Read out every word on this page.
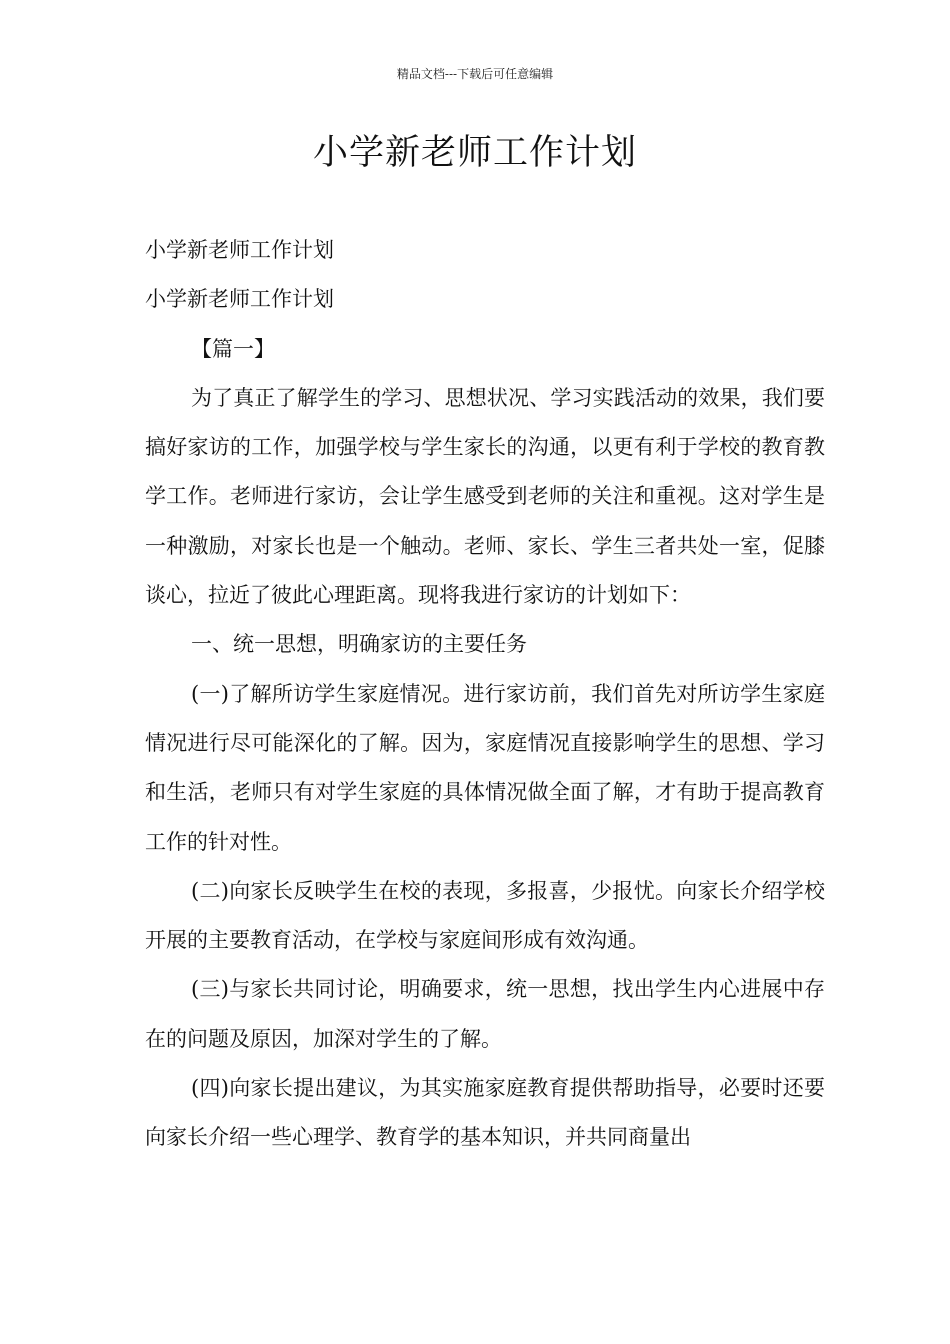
精品文档---下载后可任意编辑
小学新老师工作计划

小学新老师工作计划

小学新老师工作计划

【篇一】

为了真正了解学生的学习、思想状况、学习实践活动的效果，我们要搞好家访的工作，加强学校与学生家长的沟通，以更有利于学校的教育教学工作。老师进行家访，会让学生感受到老师的关注和重视。这对学生是一种激励，对家长也是一个触动。老师、家长、学生三者共处一室，促膝谈心，拉近了彼此心理距离。现将我进行家访的计划如下：

一、统一思想，明确家访的主要任务

(一)了解所访学生家庭情况。进行家访前，我们首先对所访学生家庭情况进行尽可能深化的了解。因为，家庭情况直接影响学生的思想、学习和生活，老师只有对学生家庭的具体情况做全面了解，才有助于提高教育工作的针对性。

(二)向家长反映学生在校的表现，多报喜，少报忧。向家长介绍学校开展的主要教育活动，在学校与家庭间形成有效沟通。

(三)与家长共同讨论，明确要求，统一思想，找出学生内心进展中存在的问题及原因，加深对学生的了解。

(四)向家长提出建议，为其实施家庭教育提供帮助指导，必要时还要向家长介绍一些心理学、教育学的基本知识，并共同商量出
